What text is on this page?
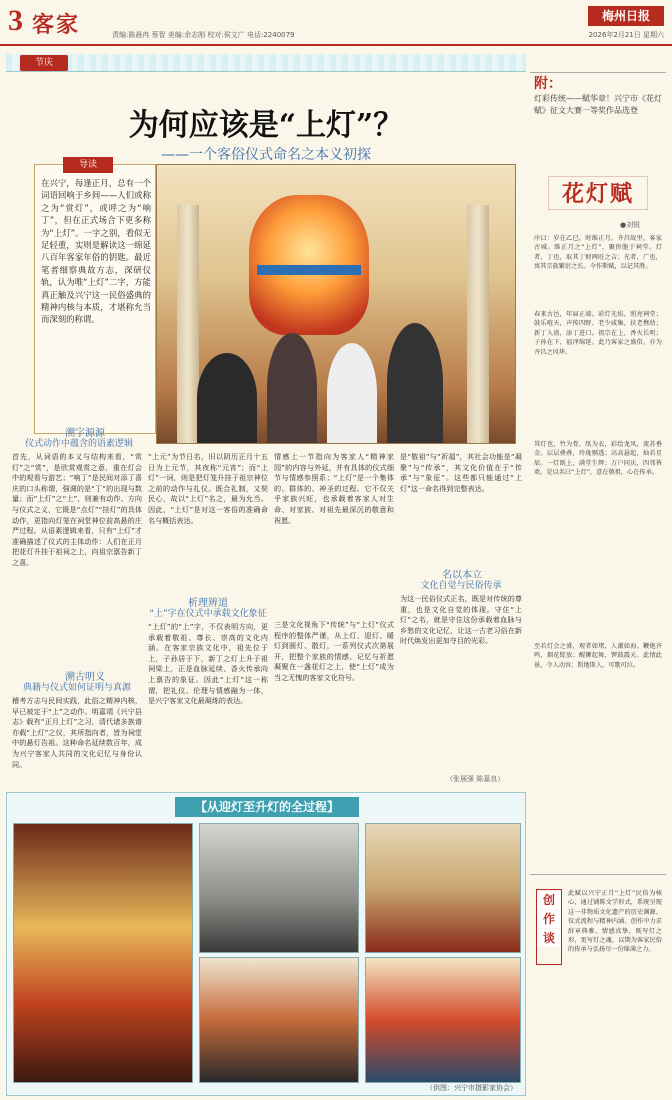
3 客家	责编:陈晨冉 蔡智 美编:余志刚 校对:侯文广 电话:2240079
梅州日报
2026年2月21日 星期六
节庆
为何应该是“上灯”？
——一个客俗仪式命名之本义初探
导读
在兴宁，每逢正月，总有一个词语回响于乡间——人们或称之为“赏灯”，或呼之为“响丁”，但在正式场合下更多称为“上灯”。一字之别，看似无足轻重，实则是解读这一绵延八百年客家年俗的钥匙。最近笔者细察典故方志，深研仪轨，认为唯“上灯”二字，方能真正触及兴宁这一民俗盛典的精神内核与本质，才堪称允当而深刻的称谓。
溯字源源
仪式动作中蕴含的语素逻辑
首先，从词语的本义与结构来看，“赏灯”之“赏”，是欣赏观赏之意，重在灯会中的观看与游艺；“响丁”是民间对添丁喜庆的口头称谓，强调的是“丁”的出现与数量；而“上灯”之“上”，则兼有动作、方向与仪式之义，它既是“点灯”“挂灯”的具体动作，更指向灯笼在祠堂神位前高悬的庄严过程。从语素逻辑来看，只有“上灯”才准确描述了仪式的主体动作：人们在正月把花灯升挂于祖祠之上，向祖宗禀告新丁之喜。
溯古明义
典籍与仪式如何证明与真源
稽考方志与民间实践，此俗之精神内核，早已被定于“上”之动作。明嘉靖《兴宁县志》载有“正月上灯”之习，清代诸多族谱亦载“上灯”之仪，其所指向者，皆为祠堂中的悬灯告祖。这种命名延续数百年，成为兴宁客家人共同的文化记忆与身份认同。
“上元”为节日名，旧以阴历正月十五日为上元节，其夜称“元宵”；而“上灯”一词，则是把灯笼升挂于祖宗神位之前的动作与礼仪。既合礼制，又契民心，故以“上灯”名之，最为允当。因此，“上灯”是对这一客俗的准确命名与概括表达。
析理辨道
“上”字在仪式中承载文化象征
“上灯”的“上”字，不仅表明方向，更承载着敬祖、尊长、崇高的文化内涵。在客家宗族文化中，祖先位于上，子孙居于下，新丁之灯上升于祖祠梁上，正是血脉延续、香火传承向上禀告的象征。因此“上灯”这一称谓，把礼仪、伦理与情感融为一体，是兴宁客家文化最凝练的表达。
情感上一节指向为客家人“精神家园”的内容与外延，并有具体的仪式细节与情感参照系；“上灯”是一个集体的、群体的、神圣的过程。它不仅关乎家族兴旺，也承载着客家人对生命、对家族、对祖先最深沉的敬意和祝愿。
三是文化视角下“传统”与“上灯”仪式程序的整体严谨，从上灯、迎灯、暖灯到圆灯、散灯，一系列仪式次第展开，把整个家族的情感、记忆与祈愿凝聚在一盏花灯之上，使“上灯”成为当之无愧的客家文化符号。
是“敬祖”与“祈福”，其社会功能是“凝聚”与“传承”，其文化价值在于“传承”与“象征”。这些都只能通过“上灯”这一命名得到完整表达。
名以本立
文化自觉与民俗传承
为这一民俗仪式正名，既是对传统的尊重，也是文化自觉的体现。守住“上灯”之名，就是守住这份承载着血脉与乡愁的文化记忆，让这一古老习俗在新时代焕发出更加夺目的光彩。
（张展强 陈嘉良）
【从迎灯至升灯的全过程】
（供图：兴宁市摄影家协会）
附：
灯彩传统——赋华章！兴宁市《花灯赋》征文大赛一等奖作品选登
花灯赋
●刘锐
序曰：岁在乙巳，时维正月，齐昌故里，客家古城。维正月之“上灯”，聚侨胞于祠堂。灯者，丁也，取其丁财两旺之吉；光者，广也，寓其宗族繁衍之长。今作斯赋，以记其胜。
春来古邑，年届正端。彩灯光焰，照亮祠堂；鼓乐喧天，声传四野。老少咸集，扶老携幼；新丁入谱，添丁进口。祖宗在上，香火长明；子孙在下，福泽绵延。此乃客家之盛俗，亦为齐昌之风华。
其灯也，竹为骨，纸为衣，彩绘龙凤，流苏垂金。层层叠叠，玲珑剔透；高高悬起，灿若星辰。一灯既上，满堂生辉；万户同庆，四邻皆欢。是以名曰“上灯”，意在敬祖，心在传承。
至若灯会之盛，观者如堵，人潮如海。鞭炮齐鸣，烟花绽放；醒狮起舞，锣鼓震天。此情此景，令人动容；斯地斯人，可歌可泣。
创
作
谈
此赋以兴宁正月“上灯”民俗为核心，通过铺陈文学形式，系统呈现这一非物质文化遗产的历史渊源、仪式流程与精神内涵。创作中力求辞章典雅、情感真挚，既写灯之形，更写灯之魂，以期为客家民俗的传承与弘扬尽一份绵薄之力。
